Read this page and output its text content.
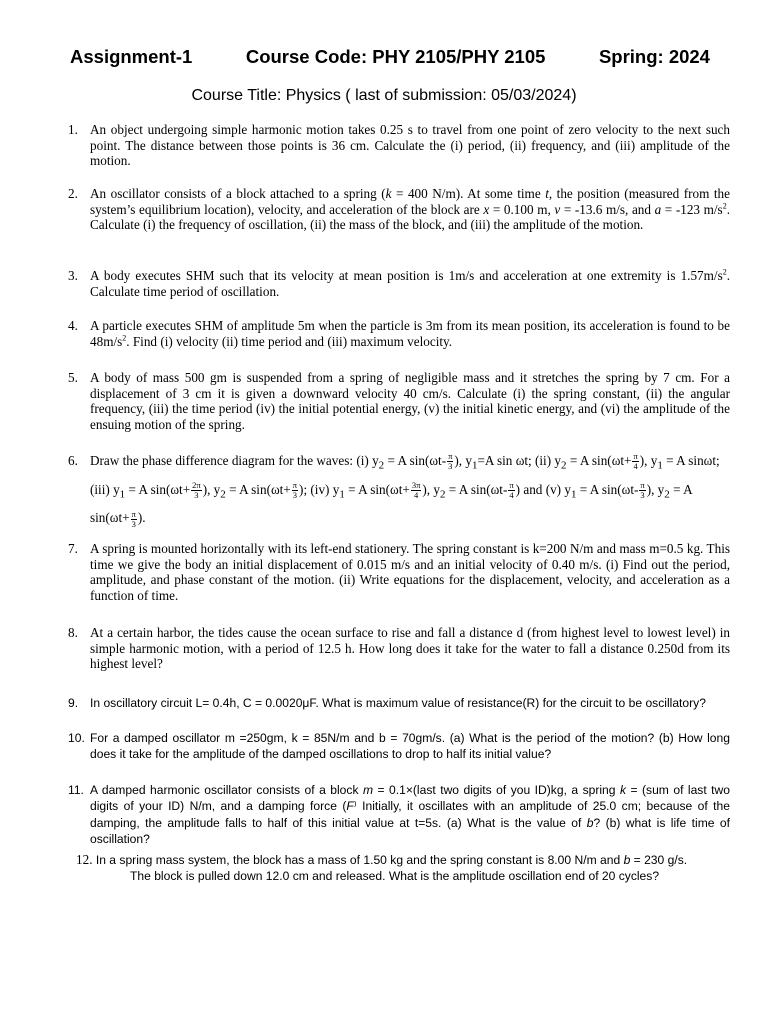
Assignment-1	Course Code: PHY 2105/PHY 2105	Spring: 2024
Course Title: Physics ( last of submission: 05/03/2024)
1. An object undergoing simple harmonic motion takes 0.25 s to travel from one point of zero velocity to the next such point. The distance between those points is 36 cm. Calculate the (i) period, (ii) frequency, and (iii) amplitude of the motion.
2. An oscillator consists of a block attached to a spring (k = 400 N/m). At some time t, the position (measured from the system’s equilibrium location), velocity, and acceleration of the block are x = 0.100 m, v = -13.6 m/s, and a = -123 $m/s^2$. Calculate (i) the frequency of oscillation, (ii) the mass of the block, and (iii) the amplitude of the motion.
3. A body executes SHM such that its velocity at mean position is 1m/s and acceleration at one extremity is $1.57m/s^2$. Calculate time period of oscillation.
4. A particle executes SHM of amplitude 5m when the particle is 3m from its mean position, its acceleration is found to be $48m/s^2$. Find (i) velocity (ii) time period and (iii) maximum velocity.
5. A body of mass 500 gm is suspended from a spring of negligible mass and it stretches the spring by 7 cm. For a displacement of 3 cm it is given a downward velocity 40 cm/s. Calculate (i) the spring constant, (ii) the angular frequency, (iii) the time period (iv) the initial potential energy, (v) the initial kinetic energy, and (vi) the amplitude of the ensuing motion of the spring.
6. Draw the phase difference diagram for the waves: (i) $y_2 = A$ $\sin(\omega t- \frac{\pi}{3}$ ), $y_1=A$ sin ωt; (ii) $y_2 = A$ $\sin(\omega t+ \frac{\pi}{4}$ ), $y_1 = A$ sinωt; (iii) $y_1 = A$ $\sin(\omega t+ \frac{2\pi}{3}$ ), $y_2 = A$ $\sin(\omega t+ \frac{\pi}{3}$ ); (iv) $y_1 = A$ $\sin(\omega t+ \frac{3\pi}{4}$ ), $y_2 = A$ $\sin(\omega t- \frac{\pi}{4}$ ) and (v) $y_1 = A$ $\sin(\omega t- \frac{\pi}{3}$ ), $y_2 = A$ $\sin(\omega t+ \frac{\pi}{3}$ ).
7. A spring is mounted horizontally with its left-end stationery. The spring constant is k=200 N/m and mass m=0.5 kg. This time we give the body an initial displacement of 0.015 m/s and an initial velocity of 0.40 m/s. (i) Find out the period, amplitude, and phase constant of the motion. (ii) Write equations for the displacement, velocity, and acceleration as a function of time.
8. At a certain harbor, the tides cause the ocean surface to rise and fall a distance d (from highest level to lowest level) in simple harmonic motion, with a period of 12.5 h. How long does it take for the water to fall a distance 0.250d from its highest level?
9. In oscillatory circuit L= 0.4h, C = 0.0020μF. What is maximum value of resistance(R) for the circuit to be oscillatory?
10. For a damped oscillator m =250gm, k = 85N/m and b = 70gm/s. (a) What is the period of the motion? (b) How long does it take for the amplitude of the damped oscillations to drop to half its initial value?
11. A damped harmonic oscillator consists of a block m = 0.1×(last two digits of you ID)kg, a spring k = (sum of last two digits of your ID) N/m, and a damping force (F⁾ Initially, it oscillates with an amplitude of 25.0 cm; because of the damping, the amplitude falls to half of this initial value at t=5s. (a) What is the value of b? (b) what is life time of oscillation?
12. In a spring mass system, the block has a mass of 1.50 kg and the spring constant is 8.00 N/m and b = 230 g/s.
The block is pulled down 12.0 cm and released. What is the amplitude oscillation end of 20 cycles?
